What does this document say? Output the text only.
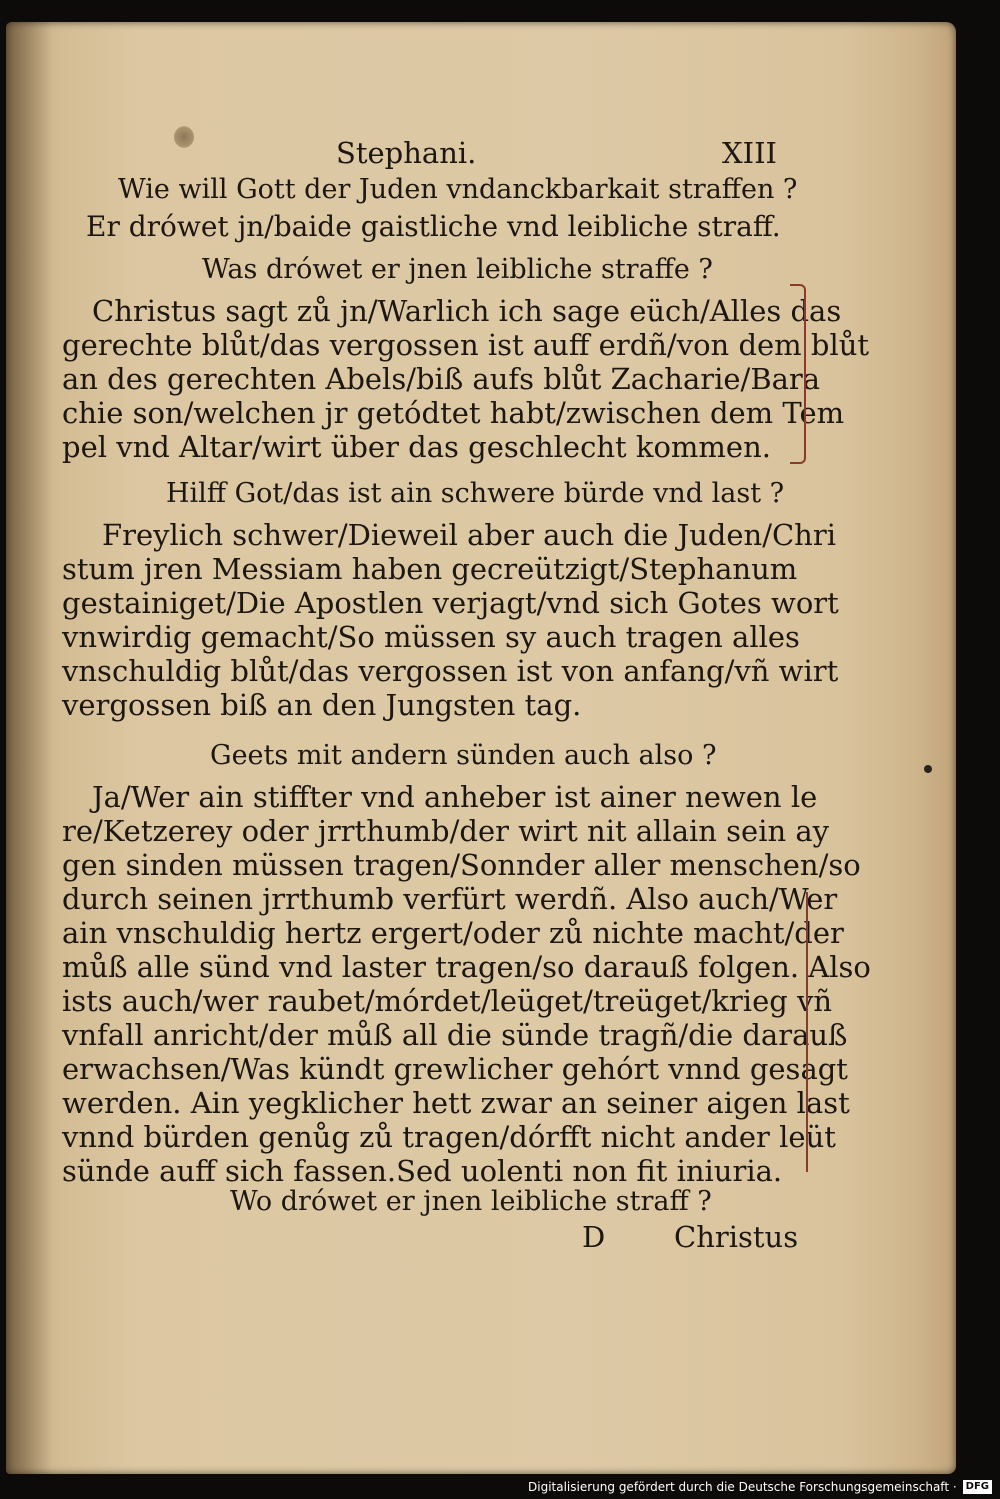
Stephani.	XIII
Wie will Gott der Juden vndanckbarkait straffen ?
Er drówet jn/baide gaistliche vnd leibliche straff.
Was drówet er jnen leibliche straffe ?
Christus sagt zů jn/Warlich ich sage eüch/Alles das
gerechte blůt/das vergossen ist auff erdñ/von dem blůt
an des gerechten Abels/biß aufs blůt Zacharie/Bara
chie son/welchen jr getódtet habt/zwischen dem Tem
pel vnd Altar/wirt über das geschlecht kommen.
Hilff Got/das ist ain schwere bürde vnd last ?
Freylich schwer/Dieweil aber auch die Juden/Chri
stum jren Messiam haben gecreützigt/Stephanum
gestainiget/Die Apostlen verjagt/vnd sich Gotes wort
vnwirdig gemacht/So müssen sy auch tragen alles
vnschuldig blůt/das vergossen ist von anfang/vñ wirt
vergossen biß an den Jungsten tag.
Geets mit andern sünden auch also ?
Ja/Wer ain stiffter vnd anheber ist ainer newen le
re/Ketzerey oder jrrthumb/der wirt nit allain sein ay
gen sinden müssen tragen/Sonnder aller menschen/so
durch seinen jrrthumb verfürt werdñ. Also auch/Wer
ain vnschuldig hertz ergert/oder zů nichte macht/der
můß alle sünd vnd laster tragen/so darauß folgen. Also
ists auch/wer raubet/mórdet/leüget/treüget/krieg vñ
vnfall anricht/der můß all die sünde tragñ/die darauß
erwachsen/Was kündt grewlicher gehórt vnnd gesagt
werden. Ain yegklicher hett zwar an seiner aigen last
vnnd bürden genůg zů tragen/dórfft nicht ander leüt
sünde auff sich fassen.Sed uolenti non fit iniuria.
Wo drówet er jnen leibliche straff ?
D Christus
Digitalisierung gefördert durch die Deutsche Forschungsgemeinschaft · DFG
